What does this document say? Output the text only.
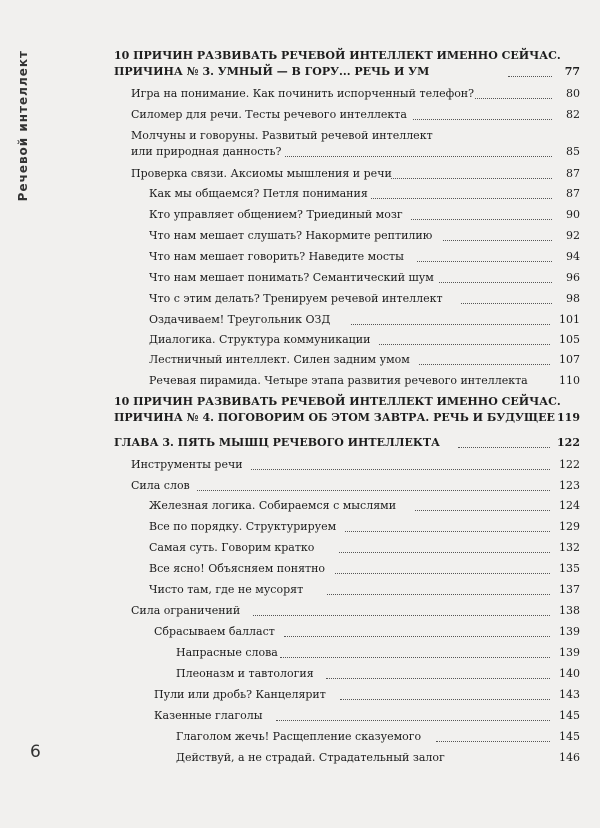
Речевой интеллект
6
10 ПРИЧИН РАЗВИВАТЬ РЕЧЕВОЙ ИНТЕЛЛЕКТ ИМЕННО СЕЙЧАС.
ПРИЧИНА № 3. УМНЫЙ — В ГОРУ... РЕЧЬ И УМ	77
Игра на понимание. Как починить испорченный телефон?	80
Силомер для речи. Тесты речевого интеллекта	82
Молчуны и говоруны. Развитый речевой интеллект
или природная данность?	85
Проверка связи. Аксиомы мышления и речи	87
Как мы общаемся? Петля понимания	87
Кто управляет общением? Триединый мозг	90
Что нам мешает слушать? Накормите рептилию	92
Что нам мешает говорить? Наведите мосты	94
Что нам мешает понимать? Семантический шум	96
Что с этим делать? Тренируем речевой интеллект	98
Оздачиваем! Треугольник ОЗД	101
Диалогика. Структура коммуникации	105
Лестничный интеллект. Силен задним умом	107
Речевая пирамида. Четыре этапа развития речевого интеллекта	110
10 ПРИЧИН РАЗВИВАТЬ РЕЧЕВОЙ ИНТЕЛЛЕКТ ИМЕННО СЕЙЧАС.
ПРИЧИНА № 4. ПОГОВОРИМ ОБ ЭТОМ ЗАВТРА. РЕЧЬ И БУДУЩЕЕ 119
ГЛАВА 3. ПЯТЬ МЫШЦ РЕЧЕВОГО ИНТЕЛЛЕКТА	122
Инструменты речи	122
Сила слов	123
Железная логика. Собираемся с мыслями	124
Все по порядку. Структурируем	129
Самая суть. Говорим кратко	132
Все ясно! Объясняем понятно	135
Чисто там, где не мусорят	137
Сила ограничений	138
Сбрасываем балласт	139
Напрасные слова	139
Плеоназм и тавтология	140
Пули или дробь? Канцелярит	143
Казенные глаголы	145
Глаголом жечь! Расщепление сказуемого	145
Действуй, а не страдай. Страдательный залог	146
